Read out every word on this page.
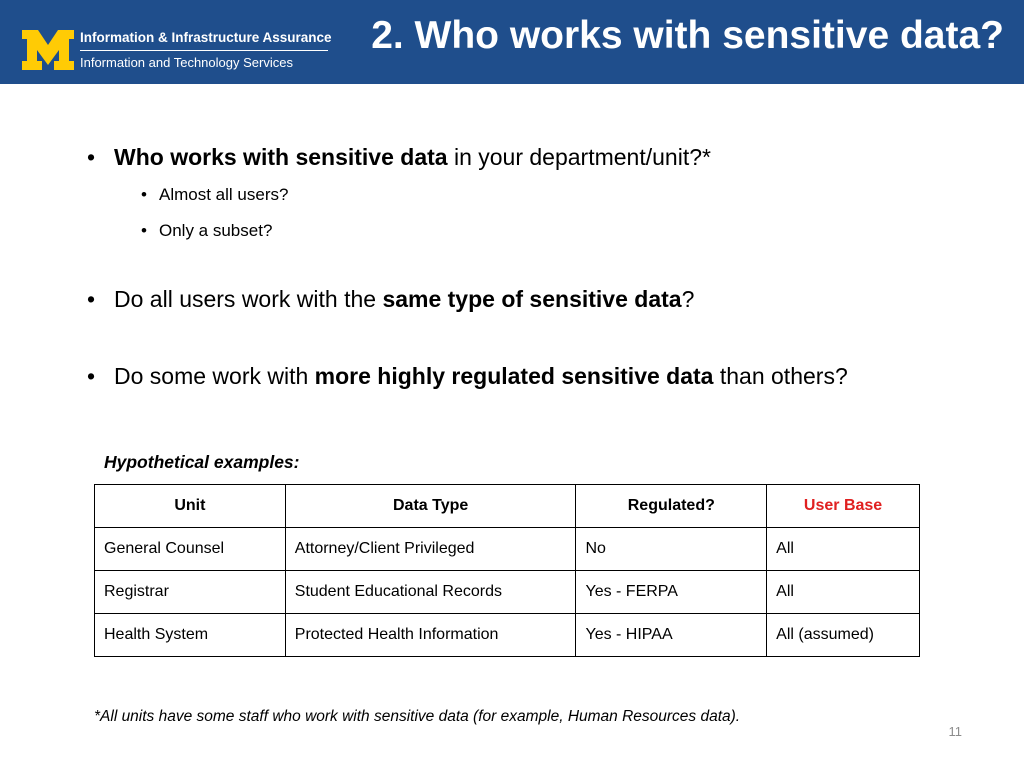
Information & Infrastructure Assurance
Information and Technology Services
2. Who works with sensitive data?
• Who works with sensitive data in your department/unit?*
• Almost all users?
• Only a subset?
• Do all users work with the same type of sensitive data?
• Do some work with more highly regulated sensitive data than others?
Hypothetical examples:
Unit	Data Type	Regulated?	User Base
General Counsel	Attorney/Client Privileged	No	All
Registrar	Student Educational Records	Yes - FERPA	All
Health System	Protected Health Information	Yes - HIPAA	All (assumed)
*All units have some staff who work with sensitive data (for example, Human Resources data).
11
